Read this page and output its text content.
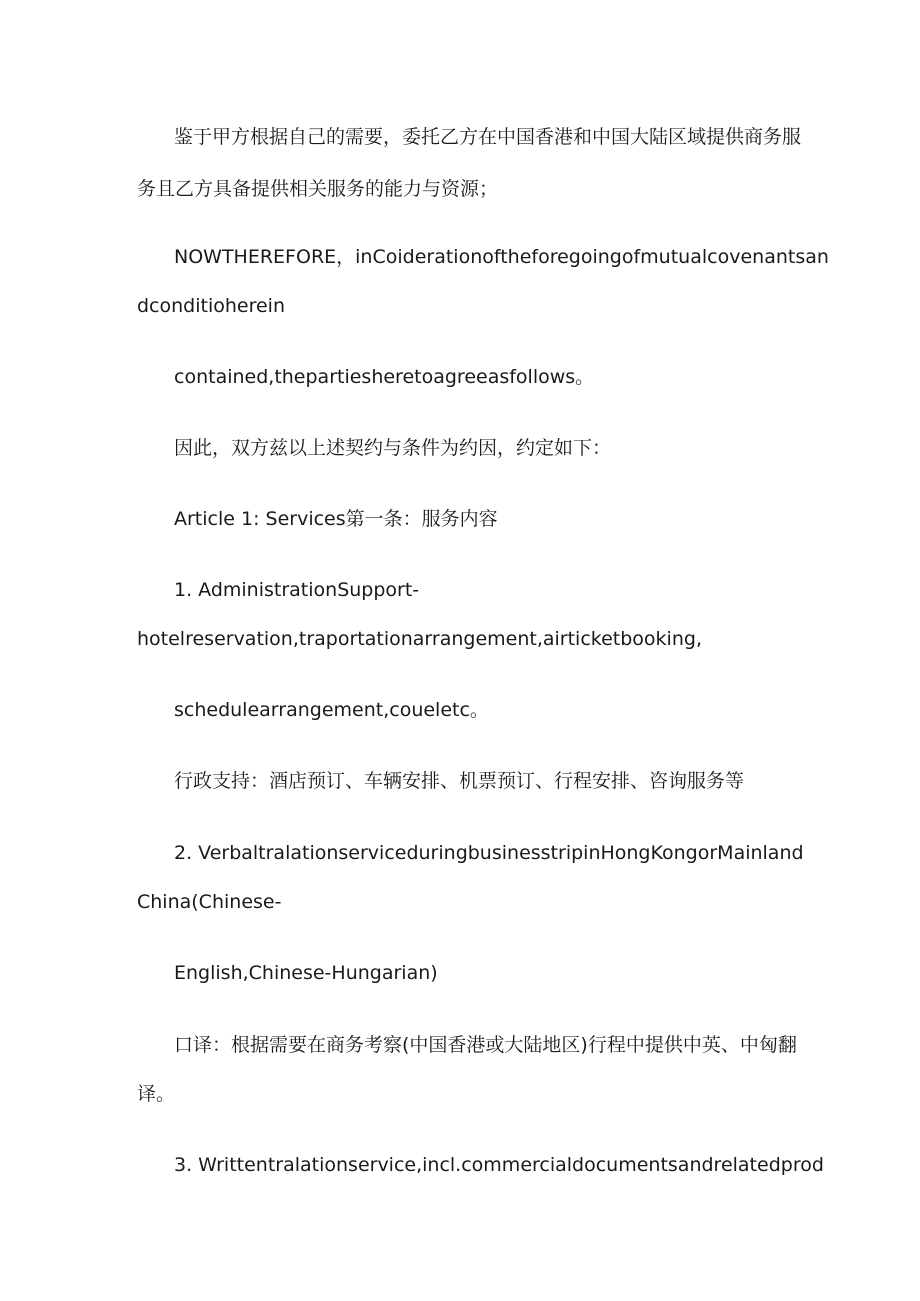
鉴于甲方根据自己的需要，委托乙方在中国香港和中国大陆区域提供商务服
务且乙方具备提供相关服务的能力与资源；
NOWTHEREFORE，inCoiderationoftheforegoingofmutualcovenantsan
dconditioherein
contained,thepartiesheretoagreeasfollows。
因此，双方兹以上述契约与条件为约因，约定如下：
Article 1: Services第一条：服务内容
1. AdministrationSupport-
hotelreservation,traportationarrangement,airticketbooking,
schedulearrangement,coueletc。
行政支持：酒店预订、车辆安排、机票预订、行程安排、咨询服务等
2. VerbaltralationserviceduringbusinesstripinHongKongorMainland
China(Chinese-
English,Chinese-Hungarian)
口译：根据需要在商务考察(中国香港或大陆地区)行程中提供中英、中匈翻
译。
3. Writtentralationservice,incl.commercialdocumentsandrelatedprod
